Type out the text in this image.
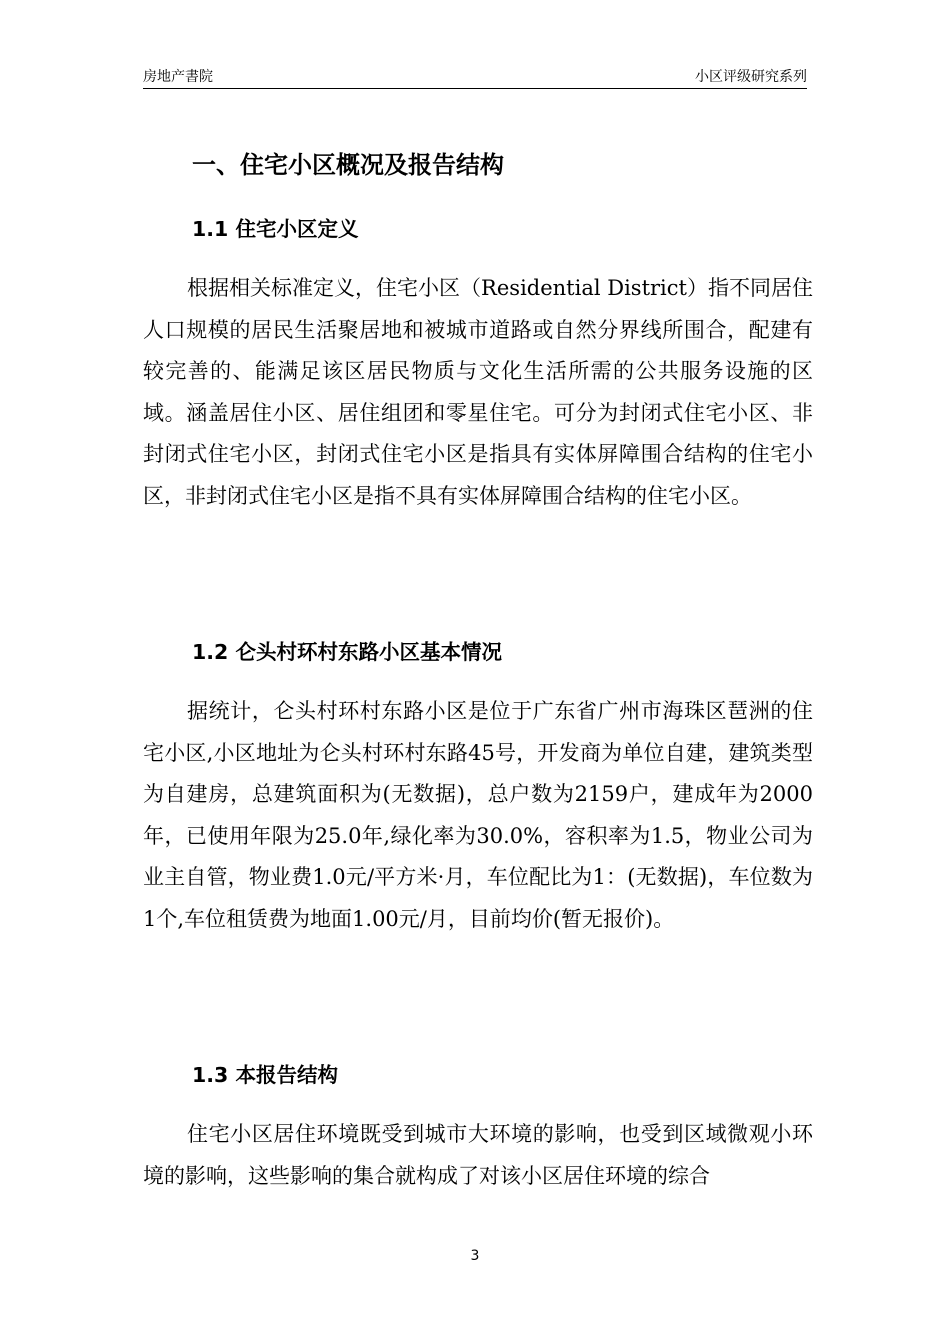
房地产書院	小区评级研究系列
一、住宅小区概况及报告结构
1.1 住宅小区定义

根据相关标准定义，住宅小区（Residential District）指不同居住人口规模的居民生活聚居地和被城市道路或自然分界线所围合，配建有较完善的、能满足该区居民物质与文化生活所需的公共服务设施的区域。涵盖居住小区、居住组团和零星住宅。可分为封闭式住宅小区、非封闭式住宅小区，封闭式住宅小区是指具有实体屏障围合结构的住宅小区，非封闭式住宅小区是指不具有实体屏障围合结构的住宅小区。

1.2 仑头村环村东路小区基本情况

据统计，仑头村环村东路小区是位于广东省广州市海珠区琶洲的住宅小区,小区地址为仑头村环村东路45号，开发商为单位自建，建筑类型为自建房，总建筑面积为(无数据)，总户数为2159户，建成年为2000年，已使用年限为25.0年,绿化率为30.0%，容积率为1.5，物业公司为业主自管，物业费1.0元/平方米·月，车位配比为1：(无数据)，车位数为1个,车位租赁费为地面1.00元/月，目前均价(暂无报价)。

1.3 本报告结构

住宅小区居住环境既受到城市大环境的影响，也受到区域微观小环境的影响，这些影响的集合就构成了对该小区居住环境的综合

3
